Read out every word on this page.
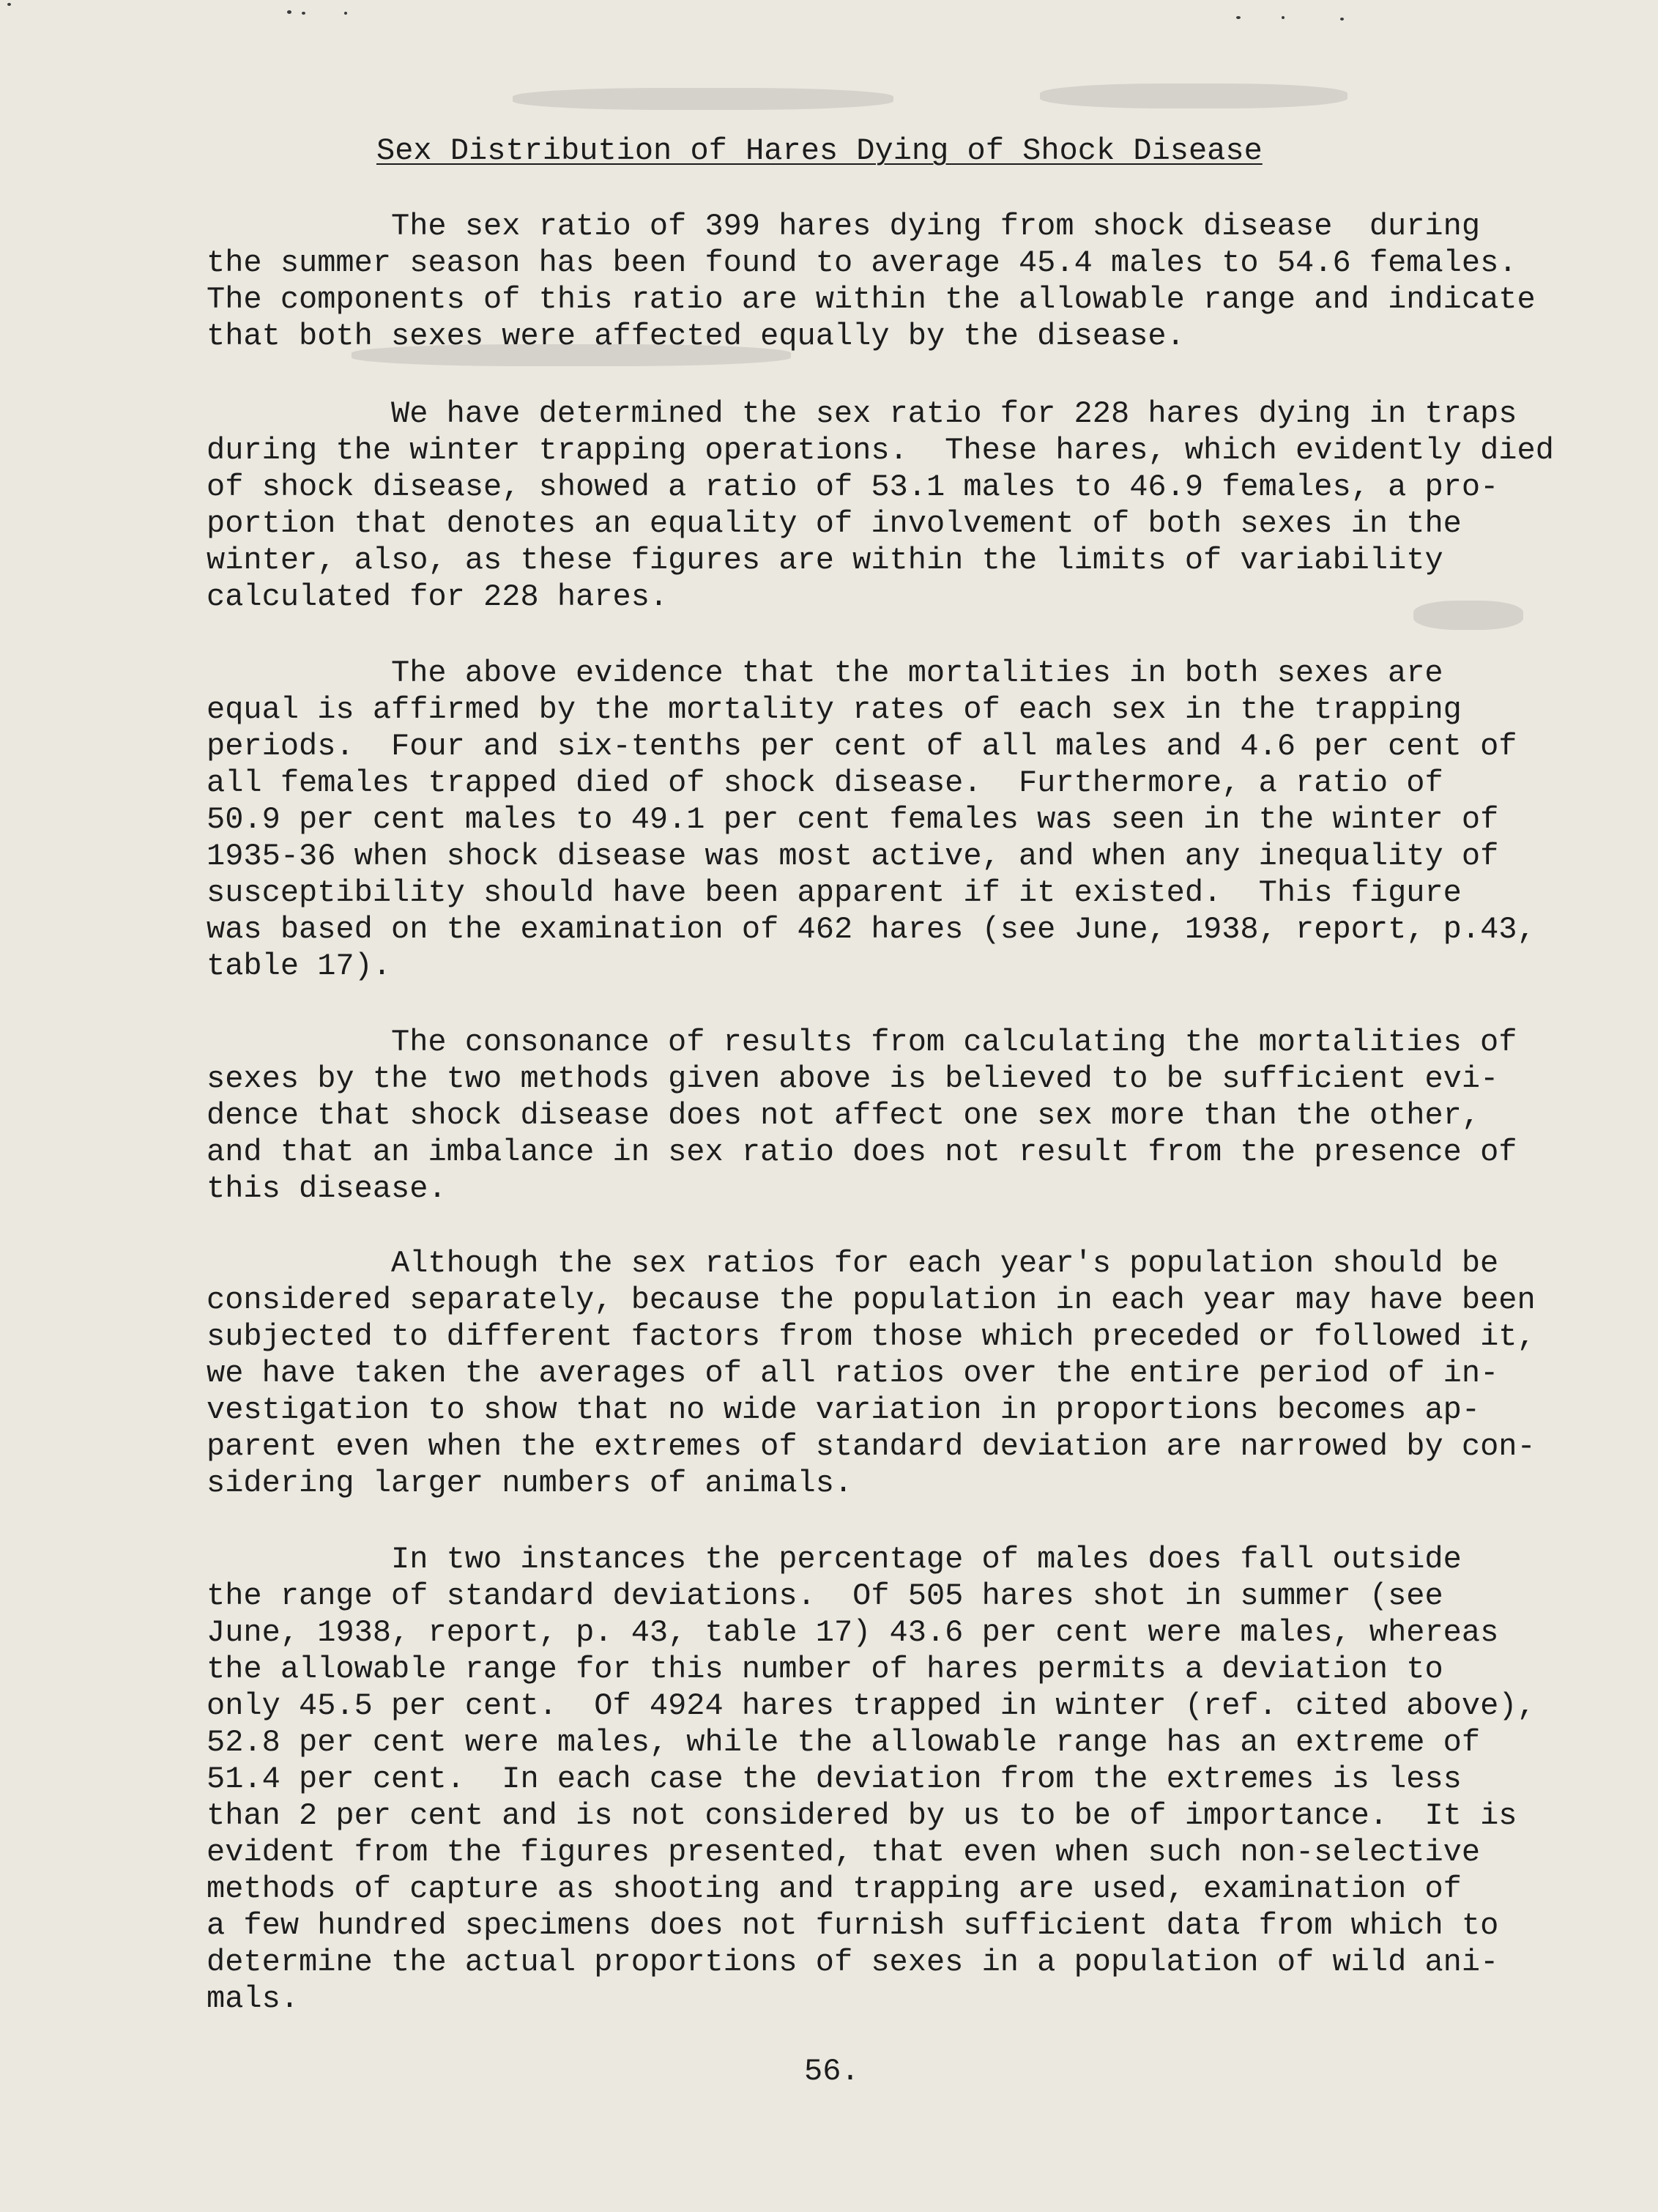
Sex Distribution of Hares Dying of Shock Disease
The sex ratio of 399 hares dying from shock disease  during
the summer season has been found to average 45.4 males to 54.6 females.
The components of this ratio are within the allowable range and indicate
that both sexes were affected equally by the disease.
We have determined the sex ratio for 228 hares dying in traps
during the winter trapping operations.  These hares, which evidently died
of shock disease, showed a ratio of 53.1 males to 46.9 females, a pro-
portion that denotes an equality of involvement of both sexes in the
winter, also, as these figures are within the limits of variability
calculated for 228 hares.
The above evidence that the mortalities in both sexes are
equal is affirmed by the mortality rates of each sex in the trapping
periods.  Four and six-tenths per cent of all males and 4.6 per cent of
all females trapped died of shock disease.  Furthermore, a ratio of
50.9 per cent males to 49.1 per cent females was seen in the winter of
1935-36 when shock disease was most active, and when any inequality of
susceptibility should have been apparent if it existed.  This figure
was based on the examination of 462 hares (see June, 1938, report, p.43,
table 17).
The consonance of results from calculating the mortalities of
sexes by the two methods given above is believed to be sufficient evi-
dence that shock disease does not affect one sex more than the other,
and that an imbalance in sex ratio does not result from the presence of
this disease.
Although the sex ratios for each year's population should be
considered separately, because the population in each year may have been
subjected to different factors from those which preceded or followed it,
we have taken the averages of all ratios over the entire period of in-
vestigation to show that no wide variation in proportions becomes ap-
parent even when the extremes of standard deviation are narrowed by con-
sidering larger numbers of animals.
In two instances the percentage of males does fall outside
the range of standard deviations.  Of 505 hares shot in summer (see
June, 1938, report, p. 43, table 17) 43.6 per cent were males, whereas
the allowable range for this number of hares permits a deviation to
only 45.5 per cent.  Of 4924 hares trapped in winter (ref. cited above),
52.8 per cent were males, while the allowable range has an extreme of
51.4 per cent.  In each case the deviation from the extremes is less
than 2 per cent and is not considered by us to be of importance.  It is
evident from the figures presented, that even when such non-selective
methods of capture as shooting and trapping are used, examination of
a few hundred specimens does not furnish sufficient data from which to
determine the actual proportions of sexes in a population of wild ani-
mals.

56.
